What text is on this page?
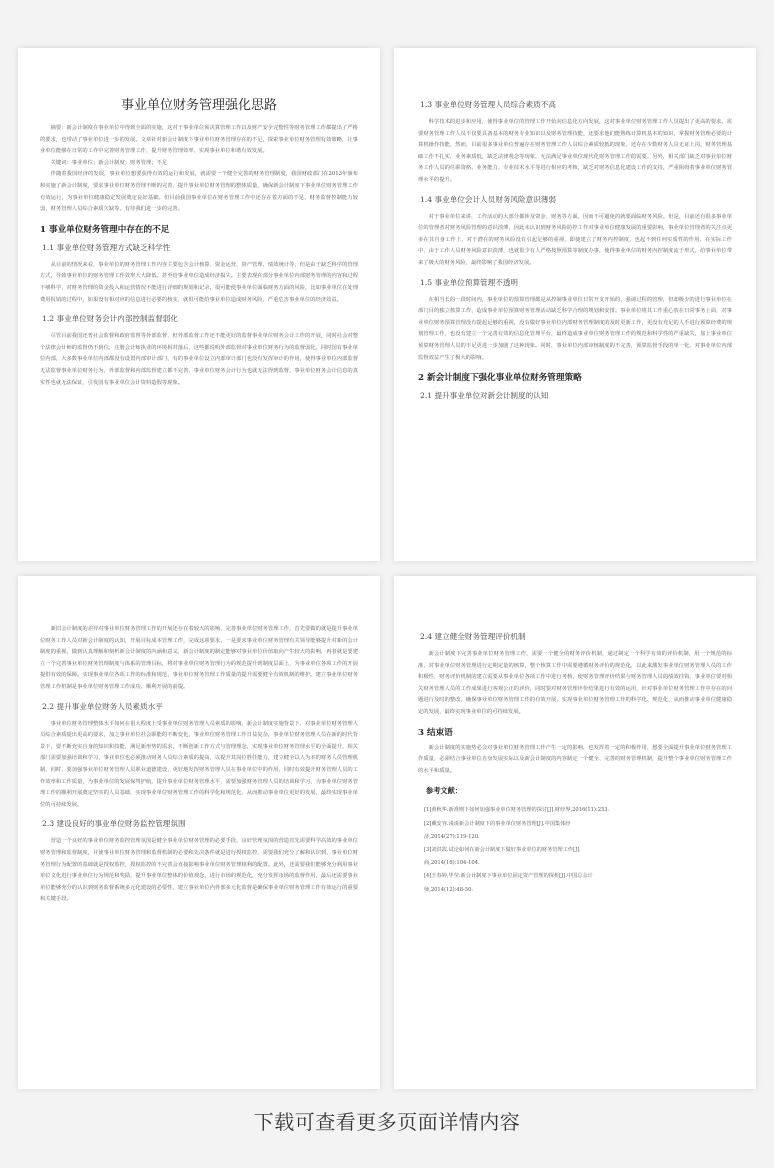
事业单位财务管理强化思路

摘要：新会计制度在事业单位中得到全面的实施，这对于事业单位预决算管理工作以及财产安全完整性等财务管理工作都提出了严格的要求，也带动了事业单位进一步的发展。文章针对新会计制度下事业单位财务管理存在的不足，探索事业单位财务管理有效策略，让事业单位能够在日常的工作中完善财务管理工作，提升财务管理效率，实现事业单位和谐有效发展。

关键词：事业单位；新会计制度；财务管理；不足

伴随着我国经济的发展，事业单位想要获得有效的运行和发展，就需要一个健全完善的财务管理制度，我国财政部门在2013年颁布和实施了新会计制度，要求事业单位财务管理不断的完善，提升事业单位财务管理的整体质量，确保新会计制度下事业单位财务管理工作有效运行，为事业单位健康稳定发展奠定良好基础。但目前我国事业单位在财务管理工作中还存在着方面的不足，财务监督控制能力较弱，财务管理人员综合素质欠缺等，有待我们进一步的完善。

1 事业单位财务管理中存在的不足
1.1 事业单位财务管理方式缺乏科学性

从目前的情况来看，事业单位的财务管理工作内容主要包含会计核算、资金运营、资产管理、绩效统计等，但是由于缺乏科学的管理方式，导致事业单位的财务管理工作效率大大降低。甚至给事业单位造成经济损失。主要表现在部分事业单位内部财务管理的内容和过程不够科学，对财务管理的资金投入和运营情况不能进行详细的规划和记录，很可能使事业单位面临财务方面的风险，比如事业单位在处理费用报销的过程中，如果没有相对应的信息进行必要的核实，就很可能给事业单位造成财务风险，严重危害事业单位的经济效益。

1.2 事业单位财务会计内部控制监督弱化

尽管目前我国还普社会监督和政府监督等外部监督，但外部监督工作还不能更好的监督事业单位财务会计工作的开展，同时社会对整个法律会计师的监督仍不到位，注册会计师执业的环境相对落后，这些都说明外部监督对事业单位财务行为的监督弱化。同时国有事业单位内部，大多数事业单位内部都没有设置内部审计部门，有的事业单位设立内部审计部门也没有发挥审计的作用，使得事业单位内部监督无法监督事业单位财务行为，外部监督和内部监督建立都不完善，事业单位财务会计行为也就无法得到监督，事业单位财务会计信息的真实性也就无法保证，引发国有事业单位会计资料造假等现象。

1.3 事业单位财务管理人员综合素质不高

科学技术的进步和应用，使得事业单位的管理工作开始向信息化方向发展，这对事业单位财务管理工作人员提出了更高的要求，需要财务管理工作人员不仅要具备基本的财务专业知识以及财务管理技能，还要求他们能熟练计算机基本的知识，掌握财务管理必要的计算机操作技能，然而，目前很多事业单位普遍存在财务管理工作人员综合素质较低的现象，还存在少数财务人员无证上岗，财务管理基础工作不扎实，业务素质低，缺乏法律观念等现象，无法满足事业单位现代化财务管理工作的需要。另外，相关部门缺乏对事业单位财务工作人员的任职资格、业务能力、专业技术水平等进行相应的考核，缺乏对财务信息化建设工作的支持，严重阻碍着事业单位财务管理水平的提升。

1.4 事业单位会计人员财务风险意识薄弱

对于事业单位来讲，工作活动的大部分都涉及资金、财务等方面，因而不可避免的就要面临财务风险。但是，目前还有很多事业单位的管理者对财务风险管理的意识淡薄，因此未认识到财务风险防控工作对事业单位健康发展的重要影响，事业单位管理者的关注点更多在其自身工作上，对于潜在的财务风险没有引起足够的重视，即使建立了财务内控制度，也起不到任何实质性的作用，在实际工作中，由于工作人员财务风险意识淡薄，也就很少有人严格按照预算等制度办事，使得事业单位的财务内控制度流于形式，给事业单位带来了极大的财务风险，最终影响了我国经济发展。

1.5 事业单位预算管理不透明

在相当长的一段时间内，事业单位的预算管理都是从控制事业单位日常开支开始的，强调过程的管理，但却极少的进行事业单位在部门目的独立核算工作，造成事业单位预算财务管理活动缺乏科学合理的规划和安排。事业单位将其工作重心放在日常事务上面，对事业单位财务预算管理没有提起足够的重视，没有做好事业单位内部财务管理制度的及时更新工作，更没有充足的人手进行预算经费的规划管理工作，也没有建立一个完善有效的信息化管理平台，最终造成事业单位财务管理工作的规范和科学性的严重缺失，加上事业单位预算财务管理人员的不足更进一步加剧了这种现象。同时，事业单位内部审核制度的不完善，预算监督手段的单一化，对事业单位内部监督效益产生了极大的影响。

2 新会计制度下强化事业单位财务管理策略
2.1 提升事业单位对新会计制度的认知

新旧会计制度的差异对事业单位财务管理工作的开展还存在着较大的影响，完善事业单位财务管理工作，首先要做的就是提升事业单位财务工作人员对新会计制度的认知，开展目标成本管理工作，完成这项要求，一是要求事业单位财务管理有关领导能够提升对新的会计制度的重视，做到认真理解和刻析新会计制度的内涵和意义，新会计制度的制定能够对事业单位价值取向产生较大的影响，再者就是要建立一个完善事业单位财务管理制度与体系的管理目标，将对事业单位财务管理行为的规范提升到制度层面上，为事业单位各项工作的开展提供有效的保障。实现事业单位各项工作的标准和规范，事业单位财务管理工作质量的提升需要健全有效机制的维护，建立事业单位财务管理工作机制是事业单位财务管理工作成功、顺利开展的前提。

2.2 提升事业单位财务人员素质水平

事业单位财务管理整体水平如何在很大程度上受事业单位财务管理人员素质的影响，新会计制度实施背景下，对事业单位财务管理人员综合素质提出更高的要求，加之事业单位社会职能的不断变化，事业单位财务管理工作日益复杂，事业单位财务管理人员在新的时代背景下，要不断充实自身的知识和技能，满足新形势的需求，不断创新工作方式与管理理念，实现事业单位财务管理水平的全面提升，相关部门需要加强培训和学习，事业单位也必须推动财务人员综合素质的提高，以提升其岗位胜任能力，建立健全以人为本的财务人员管理机制，同时，要加强事业单位财务管理人员职业道德建设，更好地发挥财务管理人员在事业单位中的作用，同时有效提升财务管理人员的工作效率和工作质量，为事业单位的发展保驾护航，提升事业单位财务管理水平，需要加强财务管理人员的培训和学习，为事业单位财务管理工作的顺利开展奠定坚实的人员基础，实现事业单位财务管理工作的科学化和规范化，从而推动事业单位更好的发展，最终实现事业单位的可持续发展。

2.3 建设良好的事业单位财务监控管理氛围

营造一个良好的事业单位财务监控管理氛围是健全事业单位财务管理的必要手段，良好管理氛围的营造首先需要科学高效的事业单位财务管理和监督制度，并使事业单位财务管理和监督机制的必要和先决条件就是进行授权监控，需要我们充分了解和认识到，事业单位财务管理行为配置的基础就是授权监控，授权监控的不完善会直接影响事业单位财务管理权利的配置。此外，还需要我们能够充分利用事业单位文化进行事业单位行为规范和奖励，提升事业单位整体的价值观念，进行市场的规范化，充分发挥市场的监督作用，最后还需要事业单位能够充分的认识到财务监督系统多元化建设的必要性，建立事业单位内外部多元化监督是确保事业单位财务管理工作有效运行的重要和关键手段。

2.4 建立健全财务管理评价机制

新会计制度下完善事业单位财务管理工作，需要一个健全的财务评价机制，通过制定一个科学有效的评价机制，用一个规范的标准，对事业单位财务管理进行定期定量的核算，整个核算工作中需要遵循财务评价的规范化，以此来激发事业单位财务管理人员的工作积极性，财务评价机制的建立需要从事业单位各项工作中进行考核，使财务管理评价结果与财务管理人员的绩效挂钩，事业单位要对相关财务管理人员的工作成果进行客观公正的评价，同时要对财务管理评价结果进行有效的运用，针对事业单位财务管理工作中存在的问题进行及时的整改，确保事业单位财务管理工作的有效开展，实现事业单位财务管理工作的科学化、规范化，从而推动事业单位健康稳定的发展，最终实现事业单位的可持续发展。

3 结束语

新会计制度的实施势必会对事业单位财务管理工作产生一定的影响，也发挥着一定的积极作用，想要全面提升事业单位财务管理工作质量，必须结合事业单位自身发展实际以及新会计制度的内容制定一个健全、完善的财务管理机制，提升整个事业单位财务管理工作的水平和质量。

参考文献：

[1]黄秋华.新准则下如何加强事业单位财务管理的探讨[J].财经界,2016(11):253.

[2]戴安容.浅谈新会计制度下的事业单位财务管理[J].中国集体经

济,2014(27):119-120.

[3]刘洪霞.试论如何在新会计制度下做好事业单位的财务管理工作[J].

商,2014(16):104-104.

[4]王春婷,毕莹.新会计制度下事业单位固定资产管理的探析[J].中国总会计

师,2014(12):48-50.

下载可查看更多页面详情内容
